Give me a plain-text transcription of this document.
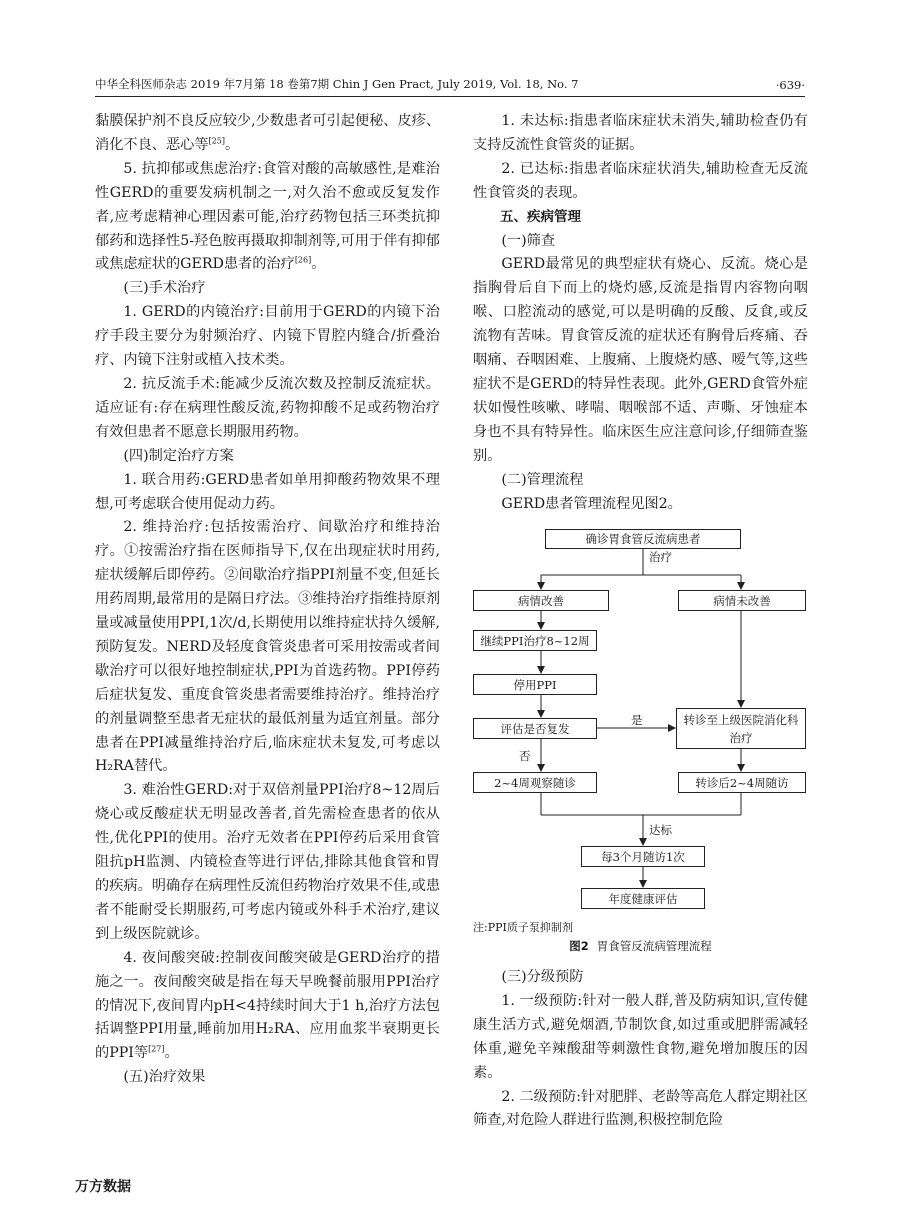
中华全科医师杂志 2019 年7月第 18 卷第7期 Chin J Gen Pract, July 2019, Vol. 18, No. 7	·639·

黏膜保护剂不良反应较少,少数患者可引起便秘、皮疹、消化不良、恶心等[25]。

5. 抗抑郁或焦虑治疗:食管对酸的高敏感性,是难治性GERD的重要发病机制之一,对久治不愈或反复发作者,应考虑精神心理因素可能,治疗药物包括三环类抗抑郁药和选择性5-羟色胺再摄取抑制剂等,可用于伴有抑郁或焦虑症状的GERD患者的治疗[26]。

(三)手术治疗

1. GERD的内镜治疗:目前用于GERD的内镜下治疗手段主要分为射频治疗、内镜下胃腔内缝合/折叠治疗、内镜下注射或植入技术类。

2. 抗反流手术:能减少反流次数及控制反流症状。适应证有:存在病理性酸反流,药物抑酸不足或药物治疗有效但患者不愿意长期服用药物。

(四)制定治疗方案

1. 联合用药:GERD患者如单用抑酸药物效果不理想,可考虑联合使用促动力药。

2. 维持治疗:包括按需治疗、间歇治疗和维持治疗。①按需治疗指在医师指导下,仅在出现症状时用药,症状缓解后即停药。②间歇治疗指PPI剂量不变,但延长用药周期,最常用的是隔日疗法。③维持治疗指维持原剂量或减量使用PPI,1次/d,长期使用以维持症状持久缓解,预防复发。NERD及轻度食管炎患者可采用按需或者间歇治疗可以很好地控制症状,PPI为首选药物。PPI停药后症状复发、重度食管炎患者需要维持治疗。维持治疗的剂量调整至患者无症状的最低剂量为适宜剂量。部分患者在PPI减量维持治疗后,临床症状未复发,可考虑以H₂RA替代。

3. 难治性GERD:对于双倍剂量PPI治疗8~12周后烧心或反酸症状无明显改善者,首先需检查患者的依从性,优化PPI的使用。治疗无效者在PPI停药后采用食管阻抗pH监测、内镜检查等进行评估,排除其他食管和胃的疾病。明确存在病理性反流但药物治疗效果不佳,或患者不能耐受长期服药,可考虑内镜或外科手术治疗,建议到上级医院就诊。

4. 夜间酸突破:控制夜间酸突破是GERD治疗的措施之一。夜间酸突破是指在每天早晚餐前服用PPI治疗的情况下,夜间胃内pH<4持续时间大于1 h,治疗方法包括调整PPI用量,睡前加用H₂RA、应用血浆半衰期更长的PPI等[27]。

(五)治疗效果

1. 未达标:指患者临床症状未消失,辅助检查仍有支持反流性食管炎的证据。

2. 已达标:指患者临床症状消失,辅助检查无反流性食管炎的表现。

五、疾病管理

(一)筛查

GERD最常见的典型症状有烧心、反流。烧心是指胸骨后自下而上的烧灼感,反流是指胃内容物向咽喉、口腔流动的感觉,可以是明确的反酸、反食,或反流物有苦味。胃食管反流的症状还有胸骨后疼痛、吞咽痛、吞咽困难、上腹痛、上腹烧灼感、嗳气等,这些症状不是GERD的特异性表现。此外,GERD食管外症状如慢性咳嗽、哮喘、咽喉部不适、声嘶、牙蚀症本身也不具有特异性。临床医生应注意问诊,仔细筛查鉴别。

(二)管理流程

GERD患者管理流程见图2。

确诊胃食管反流病患者
治疗
病情改善	病情未改善
继续PPI治疗8~12周
停用PPI
评估是否复发
是
否
转诊至上级医院消化科治疗
2~4周观察随诊	转诊后2~4周随访
达标
每3个月随访1次
年度健康评估
注:PPI质子泵抑制剂
图2 胃食管反流病管理流程

(三)分级预防

1. 一级预防:针对一般人群,普及防病知识,宣传健康生活方式,避免烟酒,节制饮食,如过重或肥胖需减轻体重,避免辛辣酸甜等刺激性食物,避免增加腹压的因素。

2. 二级预防:针对肥胖、老龄等高危人群定期社区筛查,对危险人群进行监测,积极控制危险

万方数据
